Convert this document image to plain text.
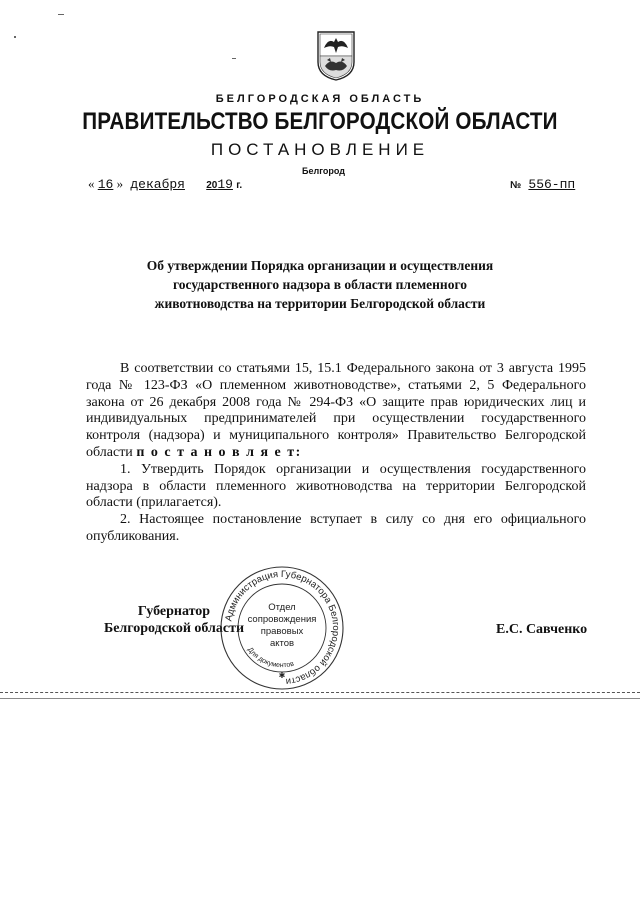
БЕЛГОРОДСКАЯ ОБЛАСТЬ
ПРАВИТЕЛЬСТВО БЕЛГОРОДСКОЙ ОБЛАСТИ
ПОСТАНОВЛЕНИЕ
Белгород
« 16 » декабря 2019 г.	№ 556-пп
Об утверждении Порядка организации и осуществления
государственного надзора в области племенного
животноводства на территории Белгородской области

В соответствии со статьями 15, 15.1 Федерального закона от 3 августа 1995 года № 123-ФЗ «О племенном животноводстве», статьями 2, 5 Федерального закона от 26 декабря 2008 года № 294-ФЗ «О защите прав юридических лиц и индивидуальных предпринимателей при осуществлении государственного контроля (надзора) и муниципального контроля» Правительство Белгородской области п о с т а н о в л я е т:

1. Утвердить Порядок организации и осуществления государственного надзора в области племенного животноводства на территории Белгородской области (прилагается).

2. Настоящее постановление вступает в силу со дня его официального опубликования.

Губернатор
Белгородской области	Е.С. Савченко
Администрация Губернатора Белгородской области
Для документов
Отдел
сопровождения
правовых
актов
✱
